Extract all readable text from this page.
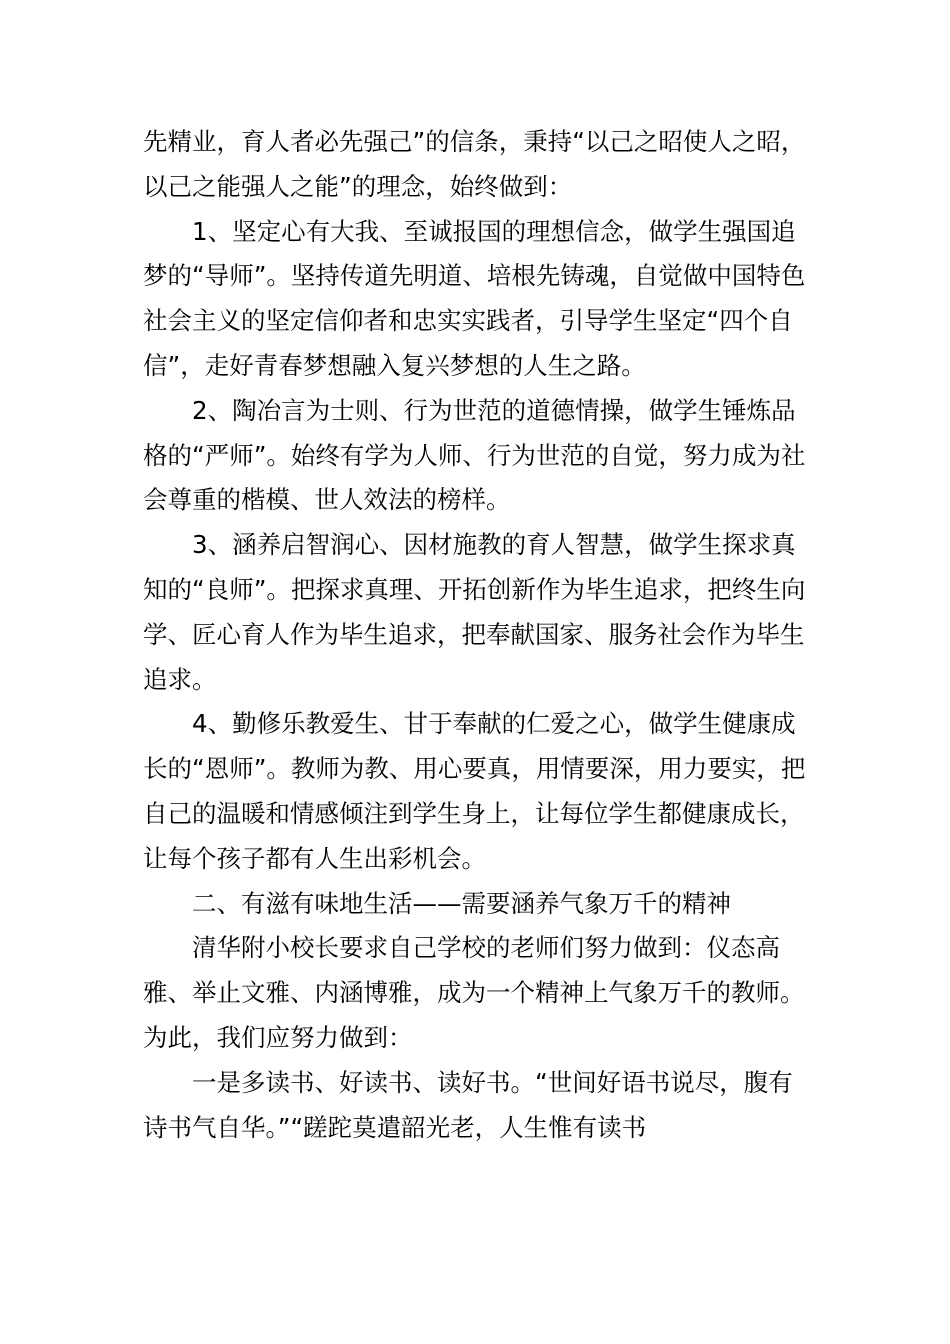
先精业，育人者必先强己”的信条，秉持“以己之昭使人之昭，以己之能强人之能”的理念，始终做到：

1、坚定心有大我、至诚报国的理想信念，做学生强国追梦的“导师”。坚持传道先明道、培根先铸魂，自觉做中国特色社会主义的坚定信仰者和忠实实践者，引导学生坚定“四个自信”，走好青春梦想融入复兴梦想的人生之路。

2、陶冶言为士则、行为世范的道德情操，做学生锤炼品格的“严师”。始终有学为人师、行为世范的自觉，努力成为社会尊重的楷模、世人效法的榜样。

3、涵养启智润心、因材施教的育人智慧，做学生探求真知的“良师”。把探求真理、开拓创新作为毕生追求，把终生向学、匠心育人作为毕生追求，把奉献国家、服务社会作为毕生追求。

4、勤修乐教爱生、甘于奉献的仁爱之心，做学生健康成长的“恩师”。教师为教、用心要真，用情要深，用力要实，把自己的温暖和情感倾注到学生身上，让每位学生都健康成长，让每个孩子都有人生出彩机会。

二、有滋有味地生活——需要涵养气象万千的精神

清华附小校长要求自己学校的老师们努力做到：仪态高雅、举止文雅、内涵博雅，成为一个精神上气象万千的教师。为此，我们应努力做到：

一是多读书、好读书、读好书。“世间好语书说尽，腹有诗书气自华。”“蹉跎莫遣韶光老，人生惟有读书
